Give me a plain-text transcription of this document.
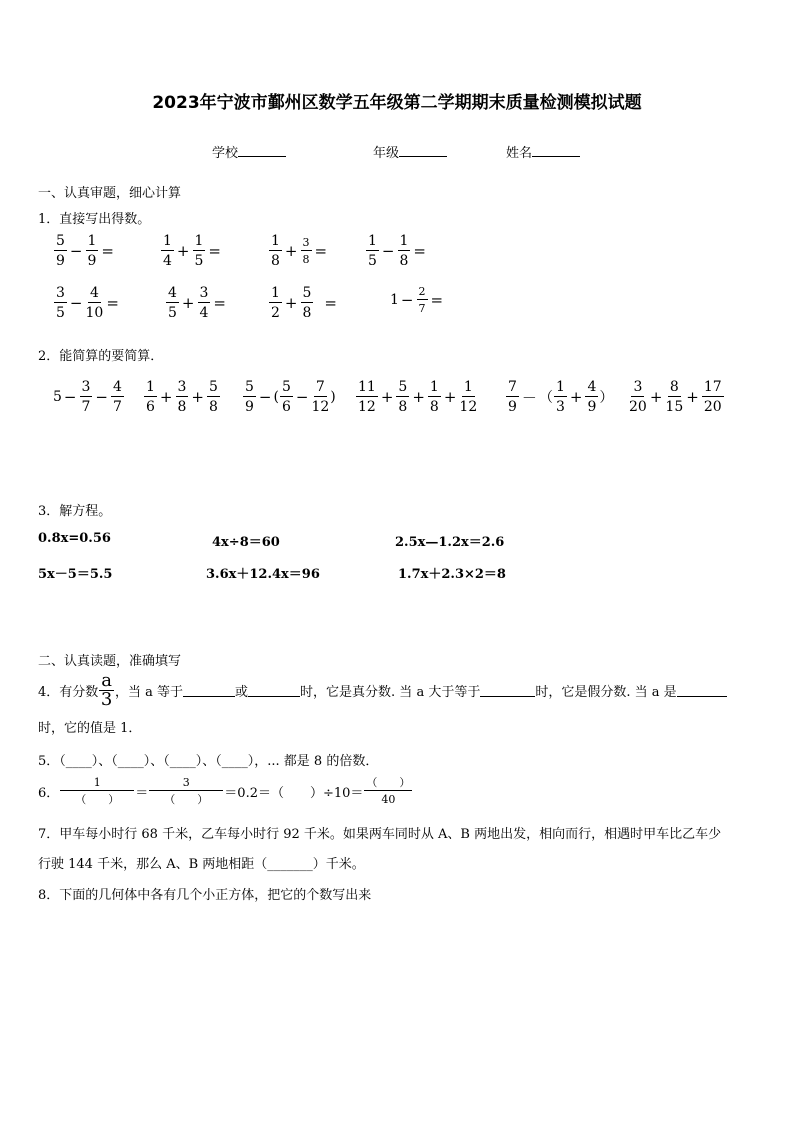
2023年宁波市鄞州区数学五年级第二学期期末质量检测模拟试题
学校	年级	姓名
一、认真审题，细心计算
1．直接写出得数。
$\frac{5}{9} - \frac{1}{9}$ =	$\frac{1}{4} + \frac{1}{5}$ =	$\frac{1}{8} + \frac{3}{8}$ =	$\frac{1}{5} - \frac{1}{8}$ =
$\frac{3}{5} - \frac{4}{10}$ =	$\frac{4}{5} + \frac{3}{4}$ =	$\frac{1}{2} + \frac{5}{8}$ =	$1 - \frac{2}{7}$ =
2．能简算的要简算．
$5 - \frac{3}{7} - \frac{4}{7} \frac{1}{6} + \frac{3}{8} + \frac{5}{8} \frac{5}{9}$ − ( $\frac{5}{6} - \frac{7}{12}$ ) $\frac{11}{12} + \frac{5}{8} + \frac{1}{8} + \frac{1}{12} \frac{7}{9}$ － （ $\frac{1}{3} + \frac{4}{9}$ ） $\frac{3}{20} + \frac{8}{15} + \frac{17}{20}$
3．解方程。
0.8x=0.56	4x÷8＝60	2.5x—1.2x＝2.6
5x－5＝5.5	3.6x＋12.4x＝96	1.7x＋2.3×2＝8
二、认真读题，准确填写
4．有分数 $\frac{a}{3}$ ，当 a 等于	或	时，它是真分数. 当 a 大于等于	时，它是假分数. 当 a 是
时，它的值是 1．
5．（____）、（____）、（____）、（____），... 都是 8 的倍数．
6． $\frac{1}{( )} = \frac{3}{( )} =0.2=$（　　）$\div 10= \frac{( )}{40}$
7．甲车每小时行 68 千米，乙车每小时行 92 千米。如果两车同时从 A、B 两地出发，相向而行，相遇时甲车比乙车少
行驶 144 千米，那么 A、B 两地相距（_______）千米。
8．下面的几何体中各有几个小正方体，把它的个数写出来
